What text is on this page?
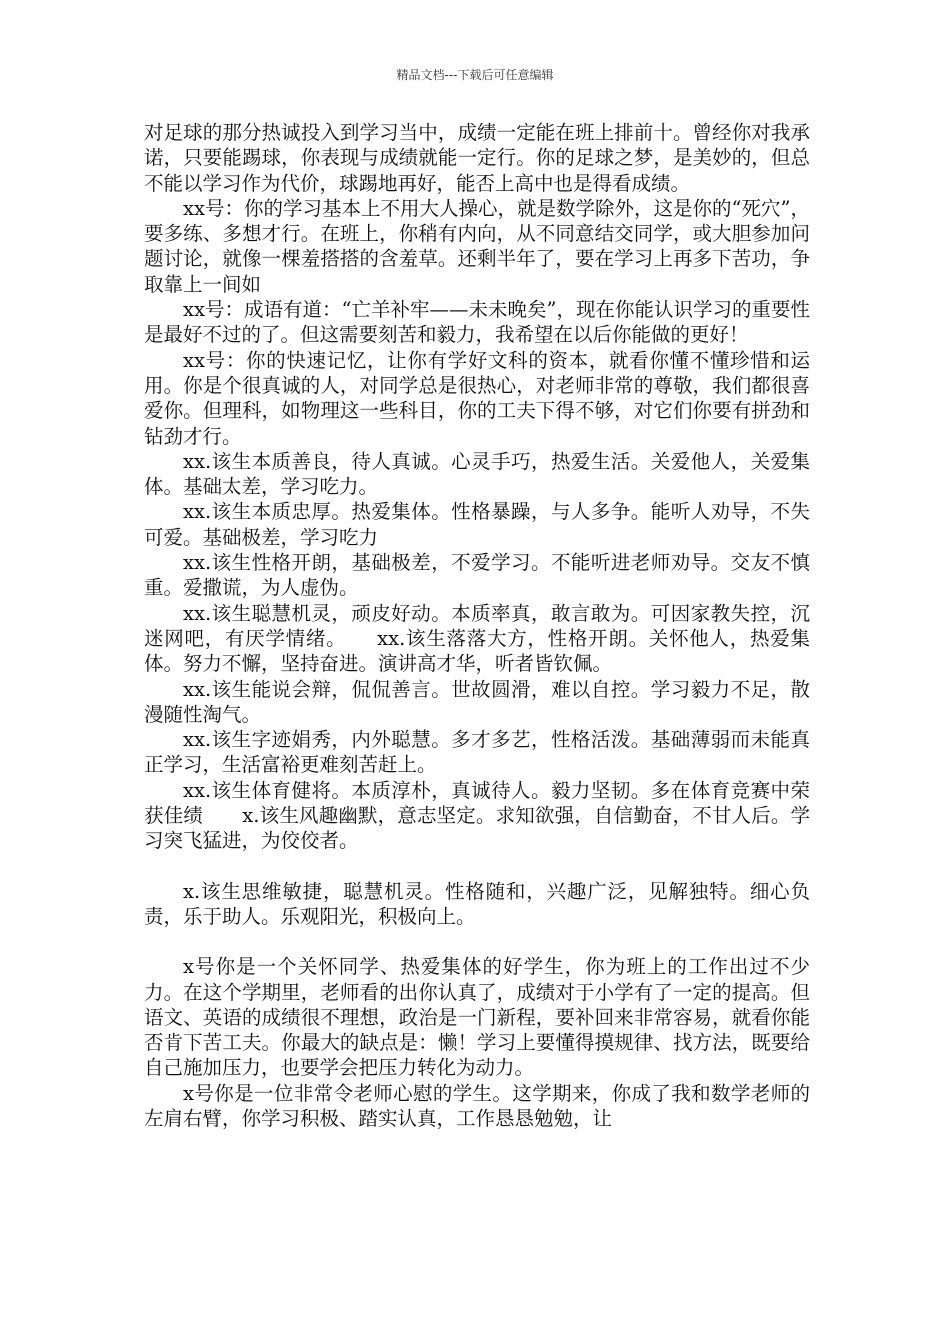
精品文档---下载后可任意编辑

对足球的那分热诚投入到学习当中，成绩一定能在班上排前十。曾经你对我承诺，只要能踢球，你表现与成绩就能一定行。你的足球之梦，是美妙的，但总不能以学习作为代价，球踢地再好，能否上高中也是得看成绩。

xx号：你的学习基本上不用大人操心，就是数学除外，这是你的“死穴”，要多练、多想才行。在班上，你稍有内向，从不同意结交同学，或大胆参加问题讨论，就像一棵羞搭搭的含羞草。还剩半年了，要在学习上再多下苦功，争取靠上一间如

xx号：成语有道：“亡羊补牢——未未晚矣”，现在你能认识学习的重要性是最好不过的了。但这需要刻苦和毅力，我希望在以后你能做的更好！

xx号：你的快速记忆，让你有学好文科的资本，就看你懂不懂珍惜和运用。你是个很真诚的人，对同学总是很热心，对老师非常的尊敬，我们都很喜爱你。但理科，如物理这一些科目，你的工夫下得不够，对它们你要有拼劲和钻劲才行。

xx.该生本质善良，待人真诚。心灵手巧，热爱生活。关爱他人，关爱集体。基础太差，学习吃力。

xx.该生本质忠厚。热爱集体。性格暴躁，与人多争。能听人劝导，不失可爱。基础极差，学习吃力

xx.该生性格开朗，基础极差，不爱学习。不能听进老师劝导。交友不慎重。爱撒谎，为人虚伪。

xx.该生聪慧机灵，顽皮好动。本质率真，敢言敢为。可因家教失控，沉迷网吧，有厌学情绪。　　xx.该生落落大方，性格开朗。关怀他人，热爱集体。努力不懈，坚持奋进。演讲高才华，听者皆钦佩。

xx.该生能说会辩，侃侃善言。世故圆滑，难以自控。学习毅力不足，散漫随性淘气。

xx.该生字迹娟秀，内外聪慧。多才多艺，性格活泼。基础薄弱而未能真正学习，生活富裕更难刻苦赶上。

xx.该生体育健将。本质淳朴，真诚待人。毅力坚韧。多在体育竞赛中荣获佳绩　　x.该生风趣幽默，意志坚定。求知欲强，自信勤奋，不甘人后。学习突飞猛进，为佼佼者。

x.该生思维敏捷，聪慧机灵。性格随和，兴趣广泛，见解独特。细心负责，乐于助人。乐观阳光，积极向上。

x号你是一个关怀同学、热爱集体的好学生，你为班上的工作出过不少力。在这个学期里，老师看的出你认真了，成绩对于小学有了一定的提高。但语文、英语的成绩很不理想，政治是一门新程，要补回来非常容易，就看你能否肯下苦工夫。你最大的缺点是：懒！学习上要懂得摸规律、找方法，既要给自己施加压力，也要学会把压力转化为动力。

x号你是一位非常令老师心慰的学生。这学期来，你成了我和数学老师的左肩右臂，你学习积极、踏实认真，工作恳恳勉勉，让
